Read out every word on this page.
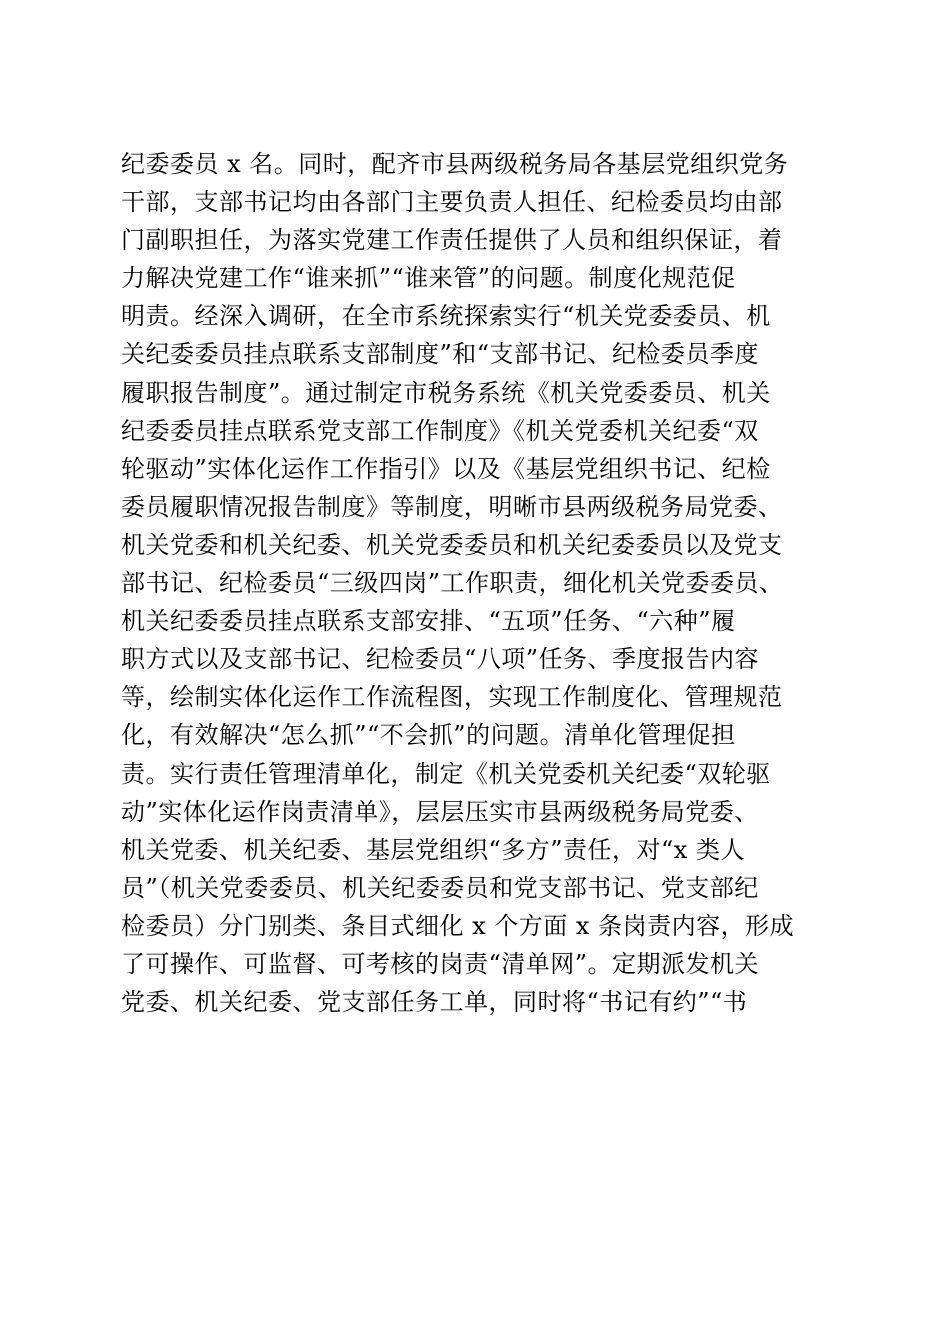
纪委委员 x 名。同时，配齐市县两级税务局各基层党组织党务
干部，支部书记均由各部门主要负责人担任、纪检委员均由部
门副职担任，为落实党建工作责任提供了人员和组织保证，着
力解决党建工作“谁来抓”“谁来管”的问题。制度化规范促
明责。经深入调研，在全市系统探索实行“机关党委委员、机
关纪委委员挂点联系支部制度”和“支部书记、纪检委员季度
履职报告制度”。通过制定市税务系统《机关党委委员、机关
纪委委员挂点联系党支部工作制度》《机关党委机关纪委“双
轮驱动”实体化运作工作指引》以及《基层党组织书记、纪检
委员履职情况报告制度》等制度，明晰市县两级税务局党委、
机关党委和机关纪委、机关党委委员和机关纪委委员以及党支
部书记、纪检委员“三级四岗”工作职责，细化机关党委委员、
机关纪委委员挂点联系支部安排、“五项”任务、“六种”履
职方式以及支部书记、纪检委员“八项”任务、季度报告内容
等，绘制实体化运作工作流程图，实现工作制度化、管理规范
化，有效解决“怎么抓”“不会抓”的问题。清单化管理促担
责。实行责任管理清单化，制定《机关党委机关纪委“双轮驱
动”实体化运作岗责清单》，层层压实市县两级税务局党委、
机关党委、机关纪委、基层党组织“多方”责任，对“x 类人
员”（机关党委委员、机关纪委委员和党支部书记、党支部纪
检委员）分门别类、条目式细化 x 个方面 x 条岗责内容，形成
了可操作、可监督、可考核的岗责“清单网”。定期派发机关
党委、机关纪委、党支部任务工单，同时将“书记有约”“书
